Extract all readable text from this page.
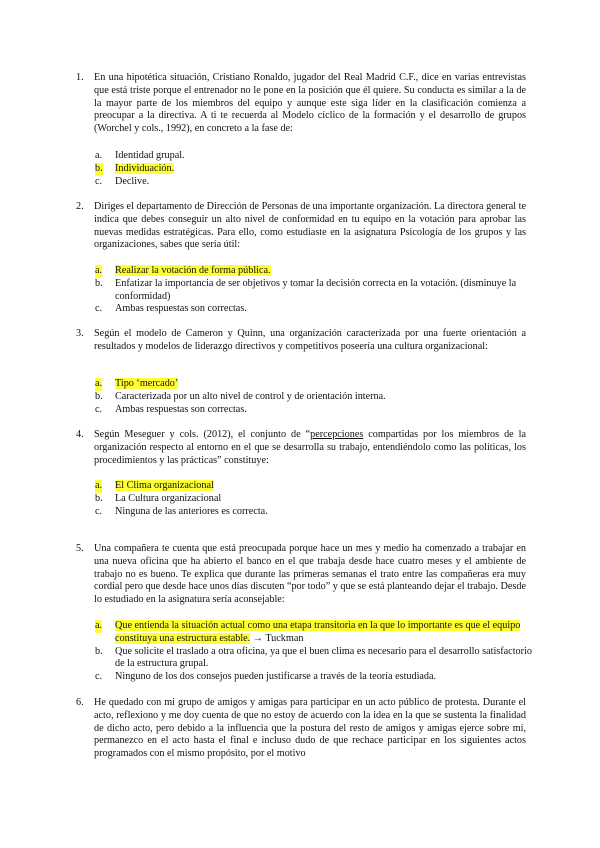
1.	En una hipotética situación, Cristiano Ronaldo, jugador del Real Madrid C.F., dice en varias entrevistas que está triste porque el entrenador no le pone en la posición que él quiere. Su conducta es similar a la de la mayor parte de los miembros del equipo y aunque este siga líder en la clasificación comienza a preocupar a la directiva. A ti te recuerda al Modelo cíclico de la formación y el desarrollo de grupos (Worchel y cols., 1992), en concreto a la fase de:
a. Identidad grupal.
b. Individuación.
c. Declive.
2.	Diriges el departamento de Dirección de Personas de una importante organización. La directora general te indica que debes conseguir un alto nivel de conformidad en tu equipo en la votación para aprobar las nuevas medidas estratégicas. Para ello, como estudiaste en la asignatura Psicología de los grupos y las organizaciones, sabes que sería útil:
a. Realizar la votación de forma pública.
b. Enfatizar la importancia de ser objetivos y tomar la decisión correcta en la votación. (disminuye la conformidad)
c. Ambas respuestas son correctas.
3.	Según el modelo de Cameron y Quinn, una organización caracterizada por una fuerte orientación a resultados y modelos de liderazgo directivos y competitivos poseería una cultura organizacional:
a. Tipo ‘mercado’
b. Caracterizada por un alto nivel de control y de orientación interna.
c. Ambas respuestas son correctas.
4.	Según Meseguer y cols. (2012), el conjunto de “percepciones compartidas por los miembros de la organización respecto al entorno en el que se desarrolla su trabajo, entendiéndolo como las políticas, los procedimientos y las prácticas” constituye:
a. El Clima organizacional
b. La Cultura organizacional
c. Ninguna de las anteriores es correcta.
5.	Una compañera te cuenta que está preocupada porque hace un mes y medio ha comenzado a trabajar en una nueva oficina que ha abierto el banco en el que trabaja desde hace cuatro meses y el ambiente de trabajo no es bueno. Te explica que durante las primeras semanas el trato entre las compañeras era muy cordial pero que desde hace unos días discuten “por todo” y que se está planteando dejar el trabajo. Desde lo estudiado en la asignatura sería aconsejable:
a. Que entienda la situación actual como una etapa transitoria en la que lo importante es que el equipo constituya una estructura estable. → Tuckman
b. Que solicite el traslado a otra oficina, ya que el buen clima es necesario para el desarrollo satisfactorio de la estructura grupal.
c. Ninguno de los dos consejos pueden justificarse a través de la teoría estudiada.
6.	He quedado con mi grupo de amigos y amigas para participar en un acto público de protesta. Durante el acto, reflexiono y me doy cuenta de que no estoy de acuerdo con la idea en la que se sustenta la finalidad de dicho acto, pero debido a la influencia que la postura del resto de amigos y amigas ejerce sobre mí, permanezco en el acto hasta el final e incluso dudo de que rechace participar en los siguientes actos programados con el mismo propósito, por el motivo
